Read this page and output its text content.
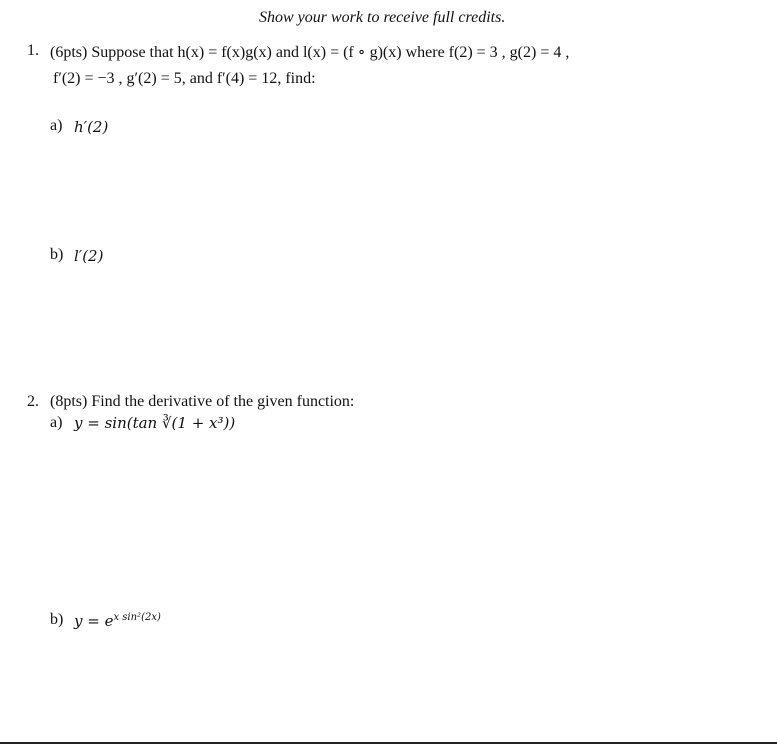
Show your work to receive full credits.
1. (6pts) Suppose that h(x) = f(x)g(x) and l(x) = (f ∘ g)(x) where f(2) = 3 , g(2) = 4 ,
f′(2) = −3 , g′(2) = 5, and f′(4) = 12, find:
a) h′(2)
b) l′(2)
2. (8pts) Find the derivative of the given function:
a) y = sin(tan ∛(1 + x³))
b) $y = e^{x sin^2(2x)}$
